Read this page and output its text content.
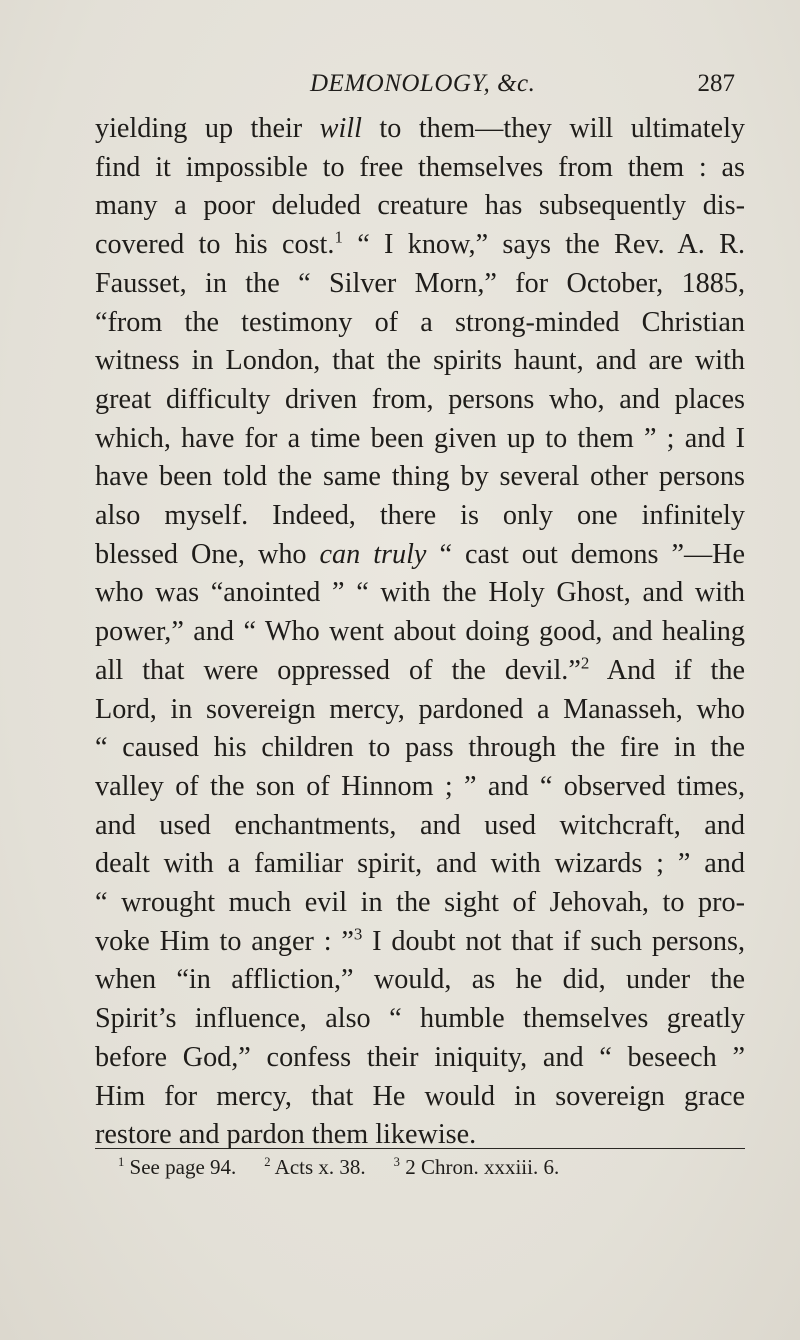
DEMONOLOGY, &c.	287
yielding up their will to them—they will ultimately
find it impossible to free themselves from them : as
many a poor deluded creature has subsequently dis-
covered to his cost.$^1$ “ I know,” says the Rev. A. R.
Fausset, in the “ Silver Morn,” for October, 1885,
“from the testimony of a strong-minded Christian
witness in London, that the spirits haunt, and are with
great difficulty driven from, persons who, and places
which, have for a time been given up to them ” ; and I
have been told the same thing by several other persons
also myself. Indeed, there is only one infinitely
blessed One, who can truly “ cast out demons ”—He
who was “anointed ” “ with the Holy Ghost, and with
power,” and “ Who went about doing good, and healing
all that were oppressed of the devil.”$^2$ And if the
Lord, in sovereign mercy, pardoned a Manasseh, who
“ caused his children to pass through the fire in the
valley of the son of Hinnom ; ” and “ observed times,
and used enchantments, and used witchcraft, and
dealt with a familiar spirit, and with wizards ; ” and
“ wrought much evil in the sight of Jehovah, to pro-
voke Him to anger : ”$^3$ I doubt not that if such persons,
when “in affliction,” would, as he did, under the
Spirit’s influence, also “ humble themselves greatly
before God,” confess their iniquity, and “ beseech ”
Him for mercy, that He would in sovereign grace
restore and pardon them likewise.
$^1$ See page 94. $^2$ Acts x. 38. $^3$ 2 Chron. xxxiii. 6.
